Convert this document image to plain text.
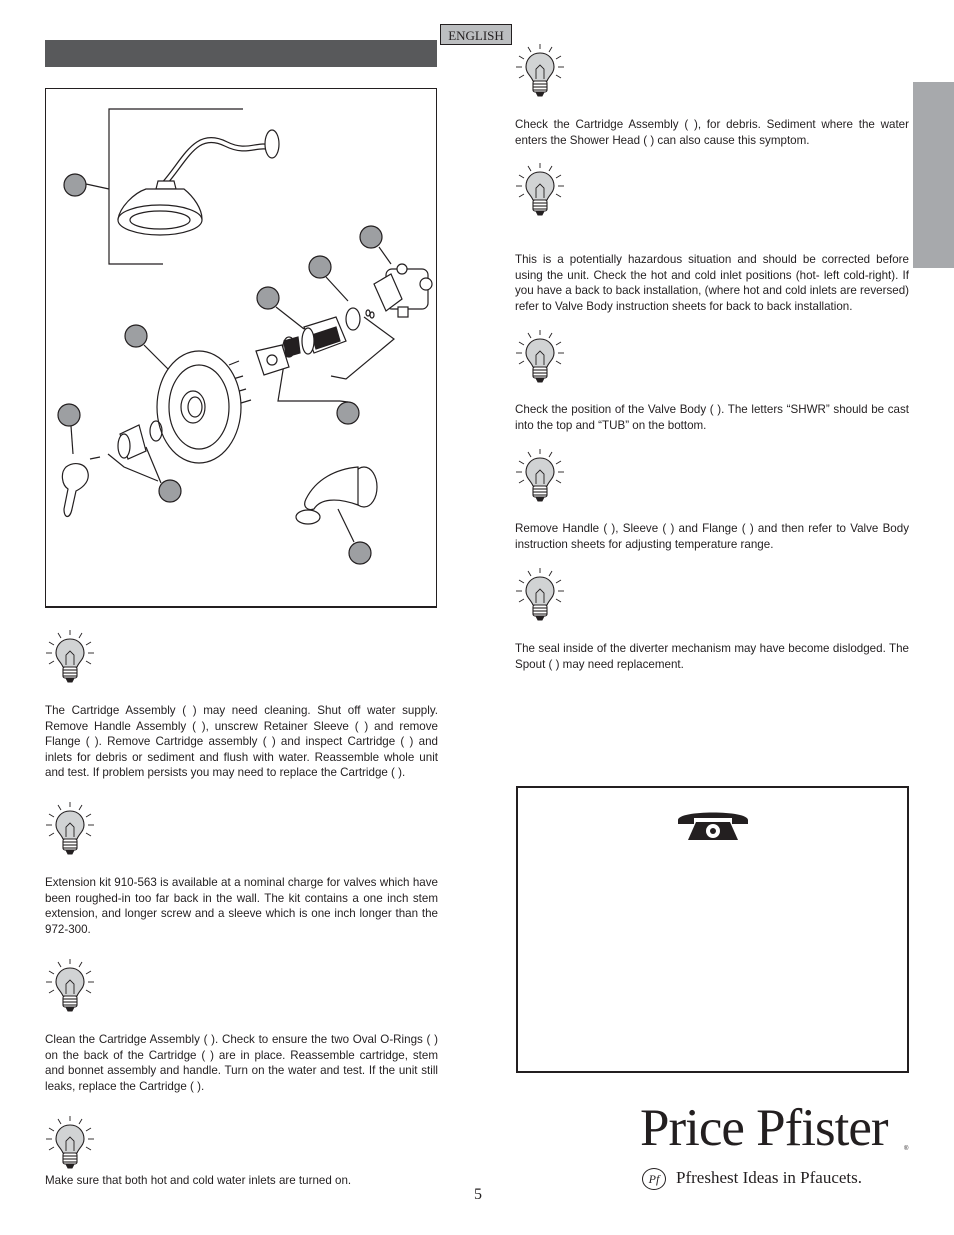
ENGLISH
The Cartridge Assembly ( ) may need cleaning. Shut off water supply. Remove Handle Assembly ( ), unscrew Retainer Sleeve ( ) and remove Flange ( ). Remove Cartridge assembly ( ) and inspect Cartridge ( ) and inlets for debris or sediment and flush with water. Reassemble whole unit and test. If problem persists you may need to replace the Cartridge ( ).
Extension kit 910-563 is available at a nominal charge for valves which have been roughed-in too far back in the wall. The kit contains a one inch stem extension, and longer screw and a sleeve which is one inch longer than the 972-300.
Clean the Cartridge Assembly ( ). Check to ensure the two Oval O-Rings ( ) on the back of the Cartridge ( ) are in place. Reassemble cartridge, stem and bonnet assembly and handle. Turn on the water and test. If the unit still leaks, replace the Cartridge ( ).
Make sure that both hot and cold water inlets are turned on.
Check the Cartridge Assembly ( ), for debris. Sediment where the water enters the Shower Head ( ) can also cause this symptom.
This is a potentially hazardous situation and should be corrected before using the unit. Check the hot and cold inlet positions (hot- left cold-right). If you have a back to back installation, (where hot and cold inlets are reversed) refer to Valve Body instruction sheets for back to back installation.
Check the position of the Valve Body ( ). The letters “SHWR” should be cast into the top and “TUB” on the bottom.
Remove Handle ( ), Sleeve ( ) and Flange ( ) and then refer to Valve Body instruction sheets for adjusting temperature range.
The seal inside of the diverter mechanism may have become dislodged. The Spout ( ) may need replacement.
Price Pfister	®
Pf Pfreshest Ideas in Pfaucets.
5
